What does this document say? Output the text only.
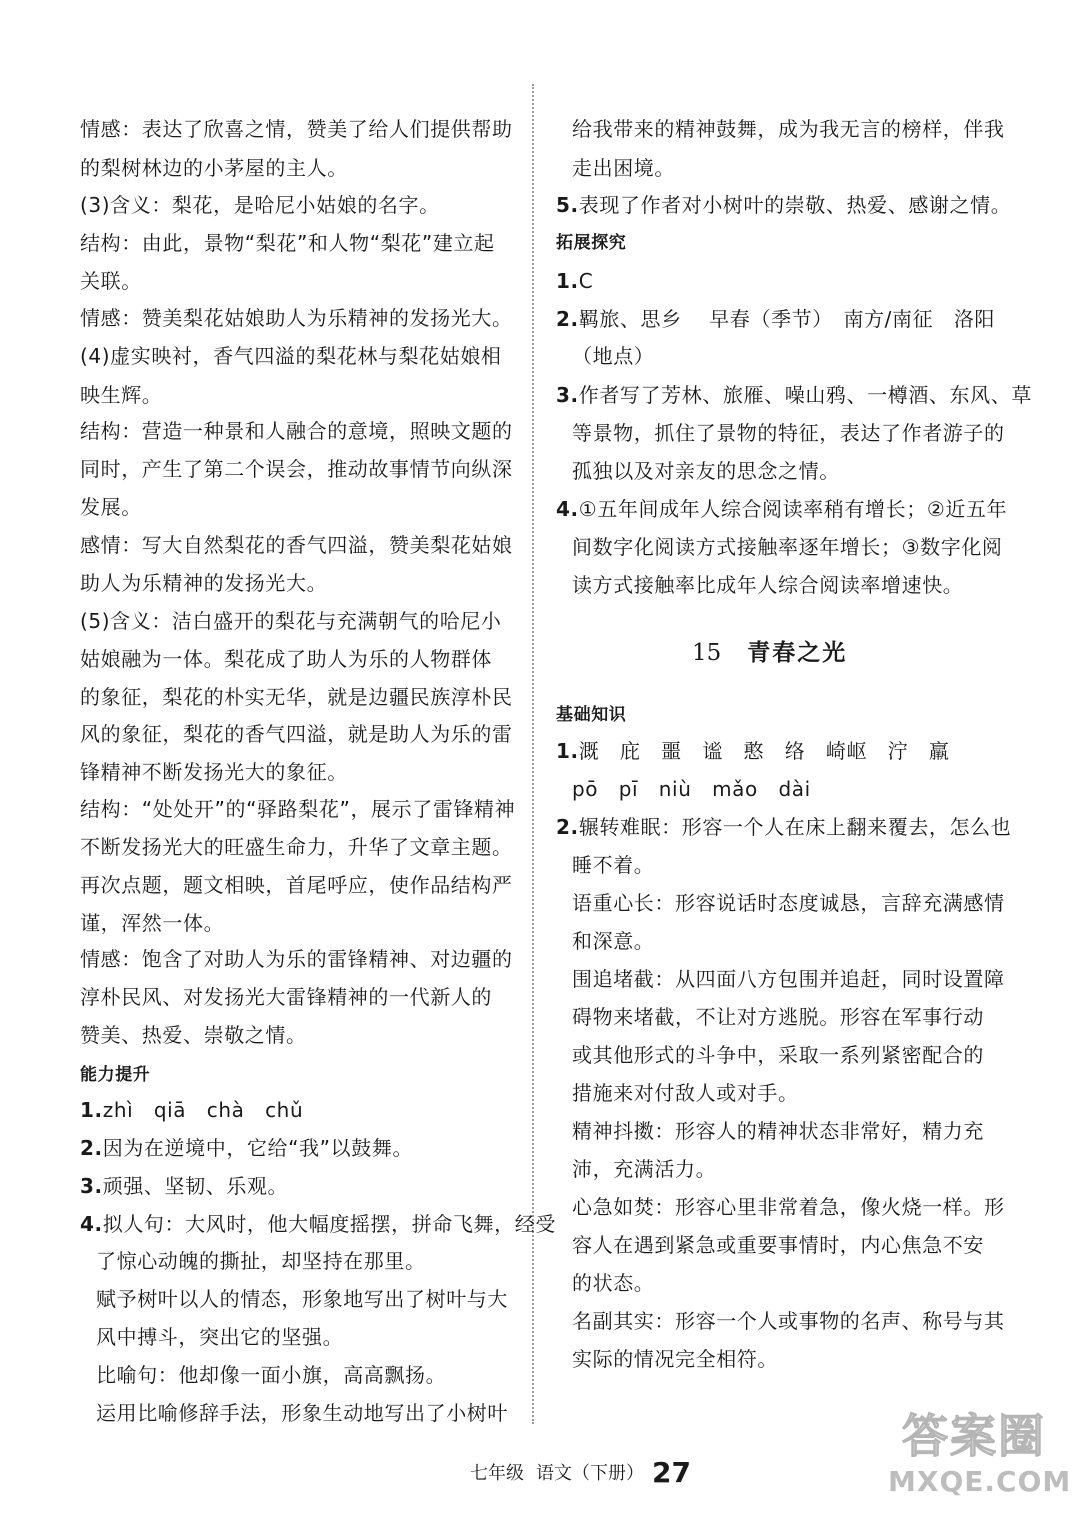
情感：表达了欣喜之情，赞美了给人们提供帮助
的梨树林边的小茅屋的主人。
(3)含义：梨花，是哈尼小姑娘的名字。
结构：由此，景物“梨花”和人物“梨花”建立起
关联。
情感：赞美梨花姑娘助人为乐精神的发扬光大。
(4)虚实映衬，香气四溢的梨花林与梨花姑娘相
映生辉。
结构：营造一种景和人融合的意境，照映文题的
同时，产生了第二个误会，推动故事情节向纵深
发展。
感情：写大自然梨花的香气四溢，赞美梨花姑娘
助人为乐精神的发扬光大。
(5)含义：洁白盛开的梨花与充满朝气的哈尼小
姑娘融为一体。梨花成了助人为乐的人物群体
的象征，梨花的朴实无华，就是边疆民族淳朴民
风的象征，梨花的香气四溢，就是助人为乐的雷
锋精神不断发扬光大的象征。
结构：“处处开”的“驿路梨花”，展示了雷锋精神
不断发扬光大的旺盛生命力，升华了文章主题。
再次点题，题文相映，首尾呼应，使作品结构严
谨，浑然一体。
情感：饱含了对助人为乐的雷锋精神、对边疆的
淳朴民风、对发扬光大雷锋精神的一代新人的
赞美、热爱、崇敬之情。
能力提升
1.zhì　qiā　chà　chǔ
2.因为在逆境中，它给“我”以鼓舞。
3.顽强、坚韧、乐观。
4.拟人句：大风时，他大幅度摇摆，拼命飞舞，经受
了惊心动魄的撕扯，却坚持在那里。
赋予树叶以人的情态，形象地写出了树叶与大
风中搏斗，突出它的坚强。
比喻句：他却像一面小旗，高高飘扬。
运用比喻修辞手法，形象生动地写出了小树叶
给我带来的精神鼓舞，成为我无言的榜样，伴我
走出困境。
5.表现了作者对小树叶的崇敬、热爱、感谢之情。
拓展探究
1.C
2.羁旅、思乡　 早春（季节）　南方/南征　洛阳
（地点）
3.作者写了芳林、旅雁、噪山鸦、一樽酒、东风、草
等景物，抓住了景物的特征，表达了作者游子的
孤独以及对亲友的思念之情。
4.①五年间成年人综合阅读率稍有增长；②近五年
间数字化阅读方式接触率逐年增长；③数字化阅
读方式接触率比成年人综合阅读率增速快。
基础知识
1.溉　庇　噩　谧　憨　络　崎岖　泞　羸
pō　pī　niù　mǎo　dài
2.辗转难眠：形容一个人在床上翻来覆去，怎么也
睡不着。
语重心长：形容说话时态度诚恳，言辞充满感情
和深意。
围追堵截：从四面八方包围并追赶，同时设置障
碍物来堵截，不让对方逃脱。形容在军事行动
或其他形式的斗争中，采取一系列紧密配合的
措施来对付敌人或对手。
精神抖擞：形容人的精神状态非常好，精力充
沛，充满活力。
心急如焚：形容心里非常着急，像火烧一样。形
容人在遇到紧急或重要事情时，内心焦急不安
的状态。
名副其实：形容一个人或事物的名声、称号与其
实际的情况完全相符。
15 青春之光
七年级 语文（下册） 27
答案圈
MXQE.COM
